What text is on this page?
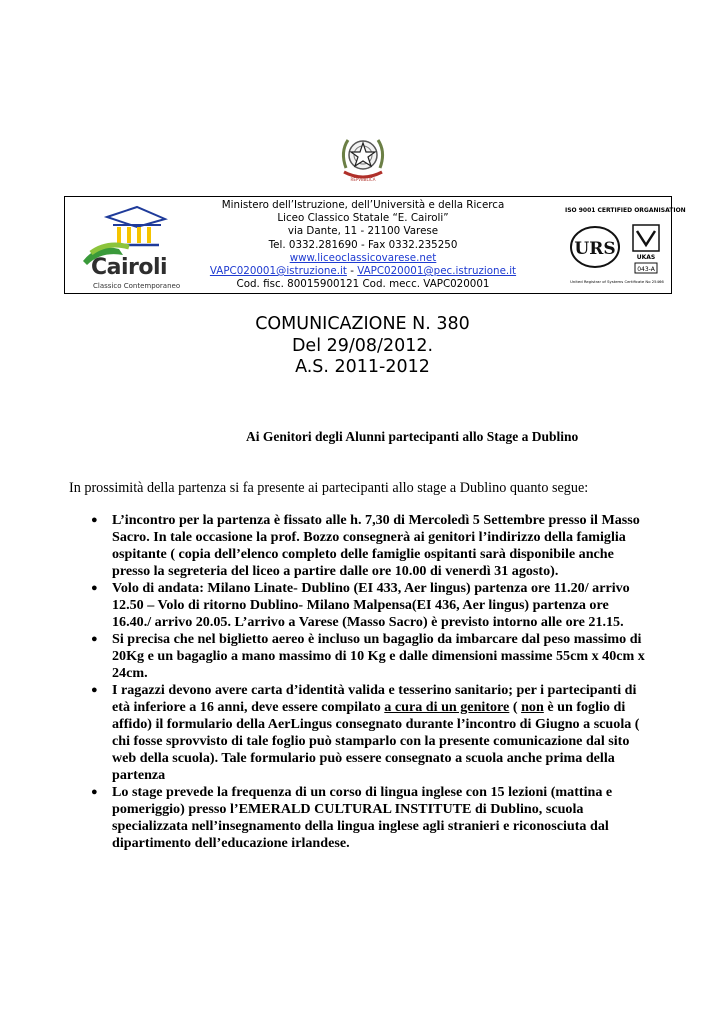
REPVBBLICA
Cairoli
Classico Contemporaneo
Ministero dell’Istruzione, dell’Università e della Ricerca
Liceo Classico Statale “E. Cairoli”
via Dante, 11 - 21100 Varese
Tel. 0332.281690 - Fax 0332.235250
www.liceoclassicovarese.net
VAPC020001@istruzione.it - VAPC020001@pec.istruzione.it
Cod. fisc. 80015900121 Cod. mecc. VAPC020001
ISO 9001 CERTIFIED ORGANISATION
URS	UKAS
043-A
United Registrar of Systems Certificate No 25466
COMUNICAZIONE N. 380
Del 29/08/2012.
A.S. 2011-2012
Ai Genitori degli Alunni partecipanti allo Stage a Dublino
In prossimità della partenza si fa presente ai partecipanti allo stage a Dublino quanto segue:
● L’incontro per la partenza è fissato alle h. 7,30 di Mercoledì 5 Settembre presso il Masso Sacro. In tale occasione la prof. Bozzo consegnerà ai genitori l’indirizzo della famiglia ospitante ( copia dell’elenco completo delle famiglie ospitanti sarà disponibile anche presso la segreteria del liceo a partire dalle ore 10.00 di venerdì 31 agosto).
● Volo di andata: Milano Linate- Dublino (EI 433, Aer lingus) partenza ore 11.20/ arrivo 12.50 – Volo di ritorno Dublino- Milano Malpensa(EI 436, Aer lingus) partenza ore 16.40./ arrivo 20.05. L’arrivo a Varese (Masso Sacro) è previsto intorno alle ore 21.15.
● Si precisa che nel biglietto aereo è incluso un bagaglio da imbarcare dal peso massimo di 20Kg e un bagaglio a mano massimo di 10 Kg e dalle dimensioni massime 55cm x 40cm x 24cm.
● I ragazzi devono avere carta d’identità valida e tesserino sanitario; per i partecipanti di età inferiore a 16 anni, deve essere compilato a cura di un genitore ( non è un foglio di affido) il formulario della AerLingus consegnato durante l’incontro di Giugno a scuola ( chi fosse sprovvisto di tale foglio può stamparlo con la presente comunicazione dal sito web della scuola). Tale formulario può essere consegnato a scuola anche prima della partenza
● Lo stage prevede la frequenza di un corso di lingua inglese con 15 lezioni (mattina e pomeriggio) presso l’EMERALD CULTURAL INSTITUTE di Dublino, scuola specializzata nell’insegnamento della lingua inglese agli stranieri e riconosciuta dal dipartimento dell’educazione irlandese.
